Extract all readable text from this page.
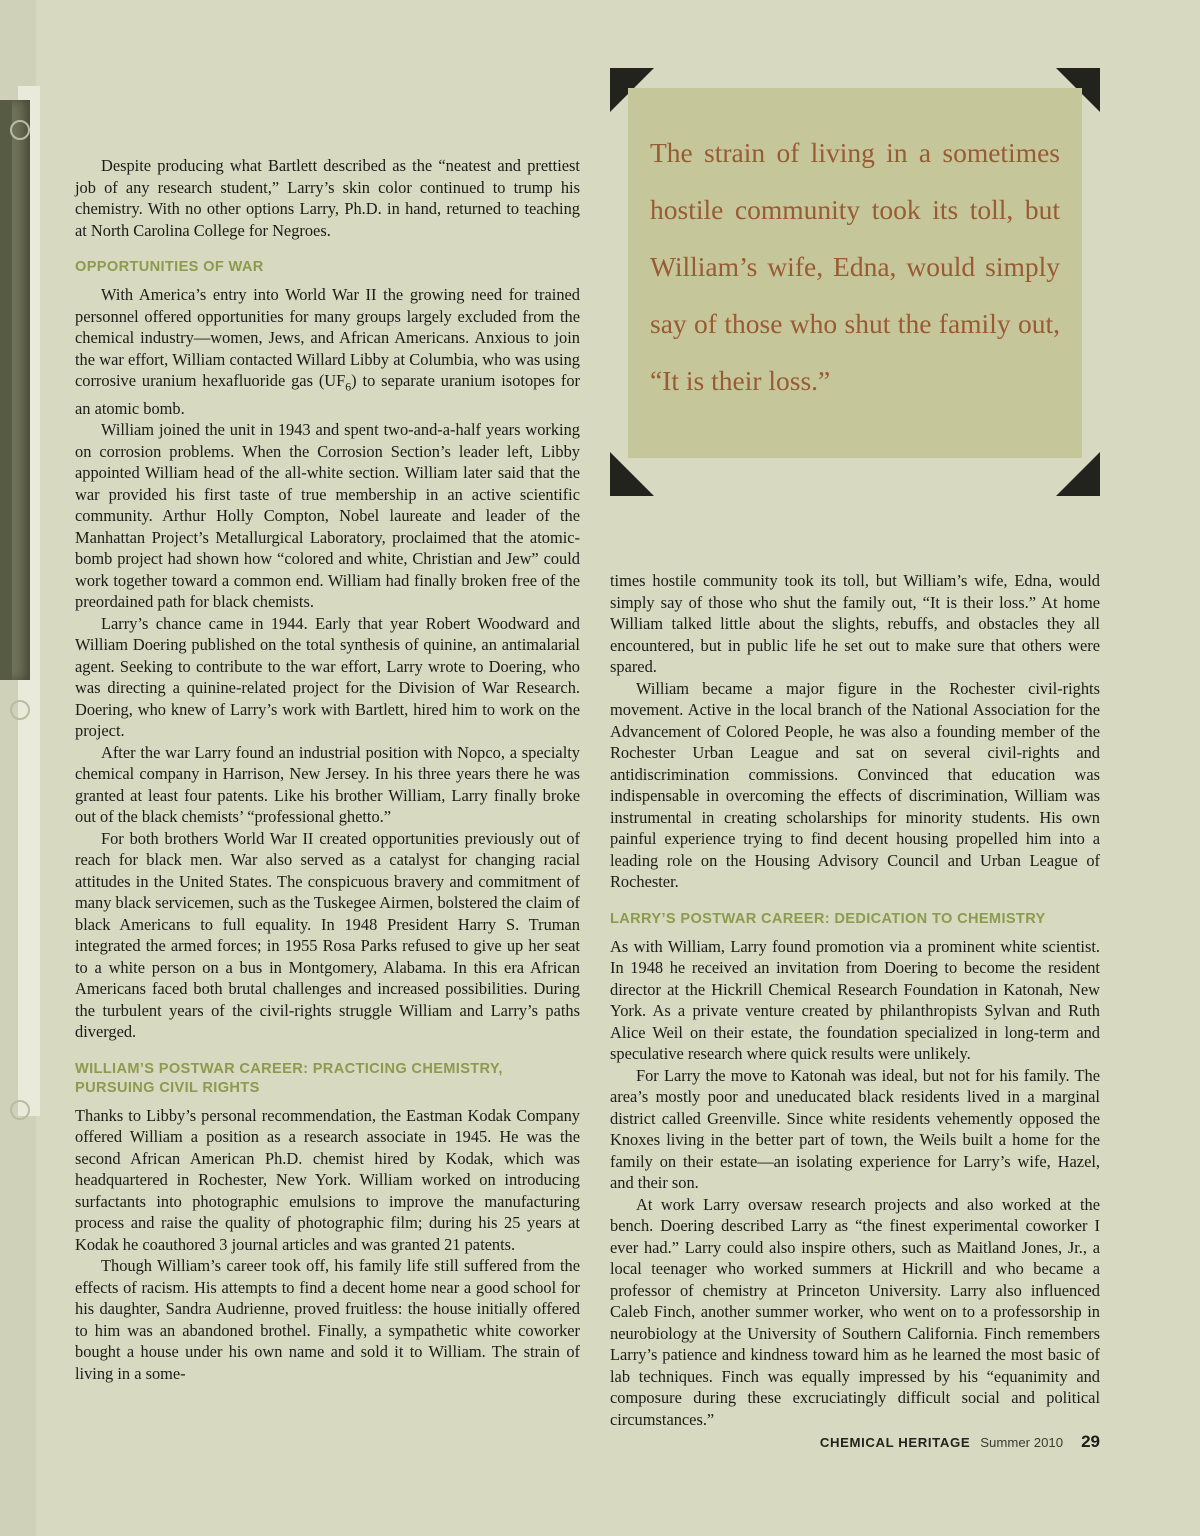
Despite producing what Bartlett described as the “neatest and prettiest job of any research student,” Larry’s skin color continued to trump his chemistry. With no other options Larry, Ph.D. in hand, returned to teaching at North Carolina College for Negroes.

OPPORTUNITIES OF WAR

With America’s entry into World War II the growing need for trained personnel offered opportunities for many groups largely excluded from the chemical industry—women, Jews, and African Americans. Anxious to join the war effort, William contacted Willard Libby at Columbia, who was using corrosive uranium hexafluoride gas $(UF_6)$ to separate uranium isotopes for an atomic bomb.

William joined the unit in 1943 and spent two-and-a-half years working on corrosion problems. When the Corrosion Section’s leader left, Libby appointed William head of the all-white section. William later said that the war provided his first taste of true membership in an active scientific community. Arthur Holly Compton, Nobel laureate and leader of the Manhattan Project’s Metallurgical Laboratory, proclaimed that the atomic-bomb project had shown how “colored and white, Christian and Jew” could work together toward a common end. William had finally broken free of the preordained path for black chemists.

Larry’s chance came in 1944. Early that year Robert Woodward and William Doering published on the total synthesis of quinine, an antimalarial agent. Seeking to contribute to the war effort, Larry wrote to Doering, who was directing a quinine-related project for the Division of War Research. Doering, who knew of Larry’s work with Bartlett, hired him to work on the project.

After the war Larry found an industrial position with Nopco, a specialty chemical company in Harrison, New Jersey. In his three years there he was granted at least four patents. Like his brother William, Larry finally broke out of the black chemists’ “professional ghetto.”

For both brothers World War II created opportunities previously out of reach for black men. War also served as a catalyst for changing racial attitudes in the United States. The conspicuous bravery and commitment of many black servicemen, such as the Tuskegee Airmen, bolstered the claim of black Americans to full equality. In 1948 President Harry S. Truman integrated the armed forces; in 1955 Rosa Parks refused to give up her seat to a white person on a bus in Montgomery, Alabama. In this era African Americans faced both brutal challenges and increased possibilities. During the turbulent years of the civil-rights struggle William and Larry’s paths diverged.

WILLIAM’S POSTWAR CAREER: PRACTICING CHEMISTRY, PURSUING CIVIL RIGHTS

Thanks to Libby’s personal recommendation, the Eastman Kodak Company offered William a position as a research associate in 1945. He was the second African American Ph.D. chemist hired by Kodak, which was headquartered in Rochester, New York. William worked on introducing surfactants into photographic emulsions to improve the manufacturing process and raise the quality of photographic film; during his 25 years at Kodak he coauthored 3 journal articles and was granted 21 patents.

Though William’s career took off, his family life still suffered from the effects of racism. His attempts to find a decent home near a good school for his daughter, Sandra Audrienne, proved fruitless: the house initially offered to him was an abandoned brothel. Finally, a sympathetic white coworker bought a house under his own name and sold it to William. The strain of living in a some-

The strain of living in a sometimes hostile community took its toll, but William’s wife, Edna, would simply say of those who shut the family out, “It is their loss.”

times hostile community took its toll, but William’s wife, Edna, would simply say of those who shut the family out, “It is their loss.” At home William talked little about the slights, rebuffs, and obstacles they all encountered, but in public life he set out to make sure that others were spared.

William became a major figure in the Rochester civil-rights movement. Active in the local branch of the National Association for the Advancement of Colored People, he was also a founding member of the Rochester Urban League and sat on several civil-rights and antidiscrimination commissions. Convinced that education was indispensable in overcoming the effects of discrimination, William was instrumental in creating scholarships for minority students. His own painful experience trying to find decent housing propelled him into a leading role on the Housing Advisory Council and Urban League of Rochester.

LARRY’S POSTWAR CAREER: DEDICATION TO CHEMISTRY

As with William, Larry found promotion via a prominent white scientist. In 1948 he received an invitation from Doering to become the resident director at the Hickrill Chemical Research Foundation in Katonah, New York. As a private venture created by philanthropists Sylvan and Ruth Alice Weil on their estate, the foundation specialized in long-term and speculative research where quick results were unlikely.

For Larry the move to Katonah was ideal, but not for his family. The area’s mostly poor and uneducated black residents lived in a marginal district called Greenville. Since white residents vehemently opposed the Knoxes living in the better part of town, the Weils built a home for the family on their estate—an isolating experience for Larry’s wife, Hazel, and their son.

At work Larry oversaw research projects and also worked at the bench. Doering described Larry as “the finest experimental coworker I ever had.” Larry could also inspire others, such as Maitland Jones, Jr., a local teenager who worked summers at Hickrill and who became a professor of chemistry at Princeton University. Larry also influenced Caleb Finch, another summer worker, who went on to a professorship in neurobiology at the University of Southern California. Finch remembers Larry’s patience and kindness toward him as he learned the most basic of lab techniques. Finch was equally impressed by his “equanimity and composure during these excruciatingly difficult social and political circumstances.”

CHEMICAL HERITAGE Summer 2010 29
